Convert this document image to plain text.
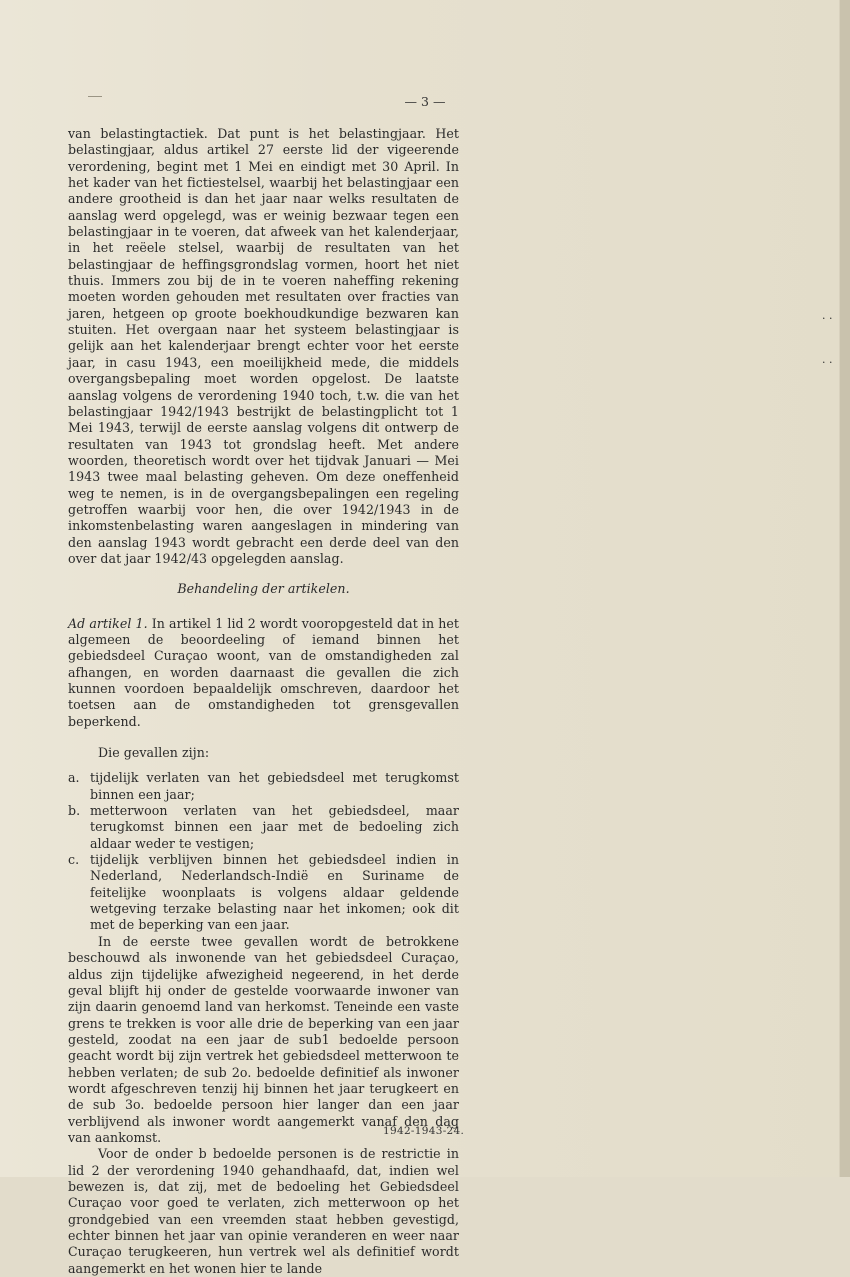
— 3 —
· ·
· ·

van belastingtactiek. Dat punt is het belastingjaar. Het belastingjaar, aldus artikel 27 eerste lid der vigeerende verordening, begint met 1 Mei en eindigt met 30 April. In het kader van het fictiestelsel, waarbij het belastingjaar een andere grootheid is dan het jaar naar welks resultaten de aanslag werd opgelegd, was er weinig bezwaar tegen een belastingjaar in te voeren, dat afweek van het kalenderjaar, in het reëele stelsel, waarbij de resultaten van het belastingjaar de heffingsgrondslag vormen, hoort het niet thuis. Immers zou bij de in te voeren naheffing rekening moeten worden gehouden met resultaten over fracties van jaren, hetgeen op groote boekhoudkundige bezwaren kan stuiten. Het overgaan naar het systeem belastingjaar is gelijk aan het kalenderjaar brengt echter voor het eerste jaar, in casu 1943, een moeilijkheid mede, die middels overgangsbepaling moet worden opgelost. De laatste aanslag volgens de verordening 1940 toch, t.w. die van het belastingjaar 1942/1943 bestrijkt de belastingplicht tot 1 Mei 1943, terwijl de eerste aanslag volgens dit ontwerp de resultaten van 1943 tot grondslag heeft. Met andere woorden, theoretisch wordt over het tijdvak Januari — Mei 1943 twee maal belasting geheven. Om deze oneffenheid weg te nemen, is in de overgangsbepalingen een regeling getroffen waarbij voor hen, die over 1942/1943 in de inkomstenbelasting waren aangeslagen in mindering van den aanslag 1943 wordt gebracht een derde deel van den over dat jaar 1942/43 opgelegden aanslag.

Behandeling der artikelen.

Ad artikel 1. In artikel 1 lid 2 wordt vooropgesteld dat in het algemeen de beoordeeling of iemand binnen het gebiedsdeel Curaçao woont, van de omstandigheden zal afhangen, en worden daarnaast die gevallen die zich kunnen voordoen bepaaldelijk omschreven, daardoor het toetsen aan de omstandigheden tot grensgevallen beperkend.

Die gevallen zijn:

a. tijdelijk verlaten van het gebiedsdeel met terugkomst binnen een jaar;
b. metterwoon verlaten van het gebiedsdeel, maar terugkomst binnen een jaar met de bedoeling zich aldaar weder te vestigen;
c. tijdelijk verblijven binnen het gebiedsdeel indien in Nederland, Nederlandsch-Indië en Suriname de feitelijke woonplaats is volgens aldaar geldende wetgeving terzake belasting naar het inkomen; ook dit met de beperking van een jaar.

In de eerste twee gevallen wordt de betrokkene beschouwd als inwonende van het gebiedsdeel Curaçao, aldus zijn tijdelijke afwezigheid negeerend, in het derde geval blijft hij onder de gestelde voorwaarde inwoner van zijn daarin genoemd land van herkomst. Teneinde een vaste grens te trekken is voor alle drie de beperking van een jaar gesteld, zoodat na een jaar de sub1 bedoelde persoon geacht wordt bij zijn vertrek het gebiedsdeel metterwoon te hebben verlaten; de sub 2o. bedoelde definitief als inwoner wordt afgeschreven tenzij hij binnen het jaar terugkeert en de sub 3o. bedoelde persoon hier langer dan een jaar verblijvend als inwoner wordt aangemerkt vanaf den dag van aankomst.

Voor de onder b bedoelde personen is de restrictie in lid 2 der verordening 1940 gehandhaafd, dat, indien wel bewezen is, dat zij, met de bedoeling het Gebiedsdeel Curaçao voor goed te verlaten, zich metterwoon op het grondgebied van een vreemden staat hebben gevestigd, echter binnen het jaar van opinie veranderen en weer naar Curaçao terugkeeren, hun vertrek wel als definitief wordt aangemerkt en het wonen hier te lande

1942-1943-24.
